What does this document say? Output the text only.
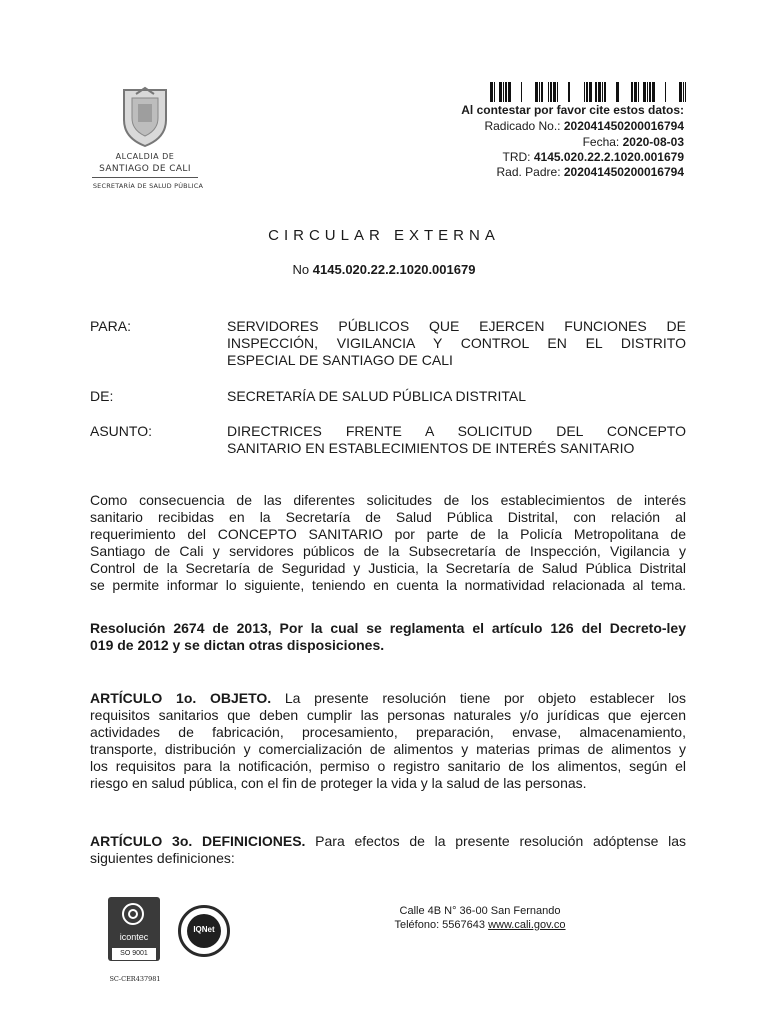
ALCALDIA DE
SANTIAGO DE CALI
SECRETARÍA DE SALUD PÚBLICA
Al contestar por favor cite estos datos:
Radicado No.: 202041450200016794
Fecha: 2020-08-03
TRD: 4145.020.22.2.1020.001679
Rad. Padre: 202041450200016794
CIRCULAR EXTERNA
No 4145.020.22.2.1020.001679
PARA:	SERVIDORES PÚBLICOS QUE EJERCEN FUNCIONES DE
INSPECCIÓN, VIGILANCIA Y CONTROL EN EL DISTRITO
ESPECIAL DE SANTIAGO DE CALI
DE:	SECRETARÍA DE SALUD PÚBLICA DISTRITAL
ASUNTO:	DIRECTRICES FRENTE A SOLICITUD DEL CONCEPTO
SANITARIO EN ESTABLECIMIENTOS DE INTERÉS SANITARIO
Como consecuencia de las diferentes solicitudes de los establecimientos de interés
sanitario recibidas en la Secretaría de Salud Pública Distrital, con relación al
requerimiento del CONCEPTO SANITARIO por parte de la Policía Metropolitana de
Santiago de Cali y servidores públicos de la Subsecretaría de Inspección, Vigilancia y
Control de la Secretaría de Seguridad y Justicia, la Secretaría de Salud Pública Distrital
se permite informar lo siguiente, teniendo en cuenta la normatividad relacionada al tema.
Resolución 2674 de 2013, Por la cual se reglamenta el artículo 126 del Decreto-ley
019 de 2012 y se dictan otras disposiciones.
ARTÍCULO 1o. OBJETO. La presente resolución tiene por objeto establecer los
requisitos sanitarios que deben cumplir las personas naturales y/o jurídicas que ejercen
actividades de fabricación, procesamiento, preparación, envase, almacenamiento,
transporte, distribución y comercialización de alimentos y materias primas de alimentos y
los requisitos para la notificación, permiso o registro sanitario de los alimentos, según el
riesgo en salud pública, con el fin de proteger la vida y la salud de las personas.
ARTÍCULO 3o. DEFINICIONES. Para efectos de la presente resolución adóptense las
siguientes definiciones:
icontec
SO 9001
SC-CER437981
IQNet
Calle 4B N° 36-00 San Fernando
Teléfono: 5567643 www.cali.gov.co
